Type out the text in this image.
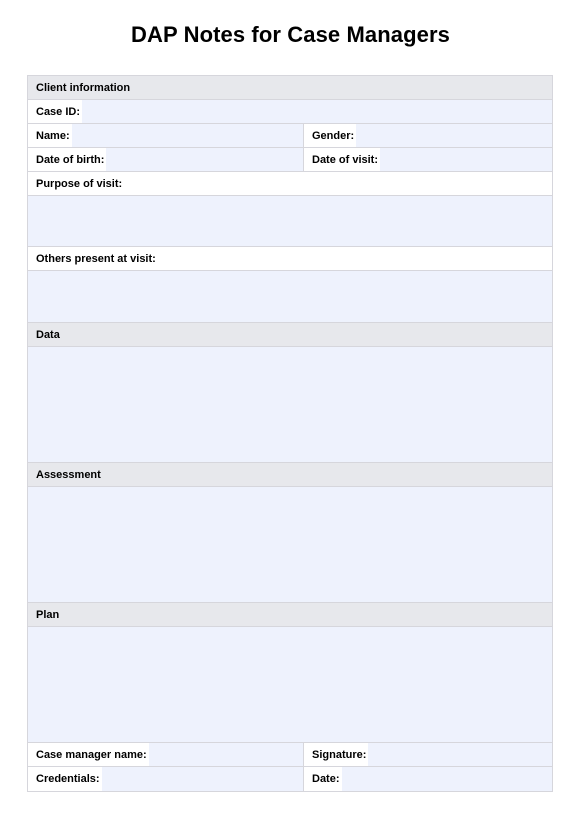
DAP Notes for Case Managers
Client information
Case ID:
Name:	Gender:
Date of birth:	Date of visit:
Purpose of visit:
Others present at visit:
Data
Assessment
Plan
Case manager name:	Signature:
Credentials:	Date:
